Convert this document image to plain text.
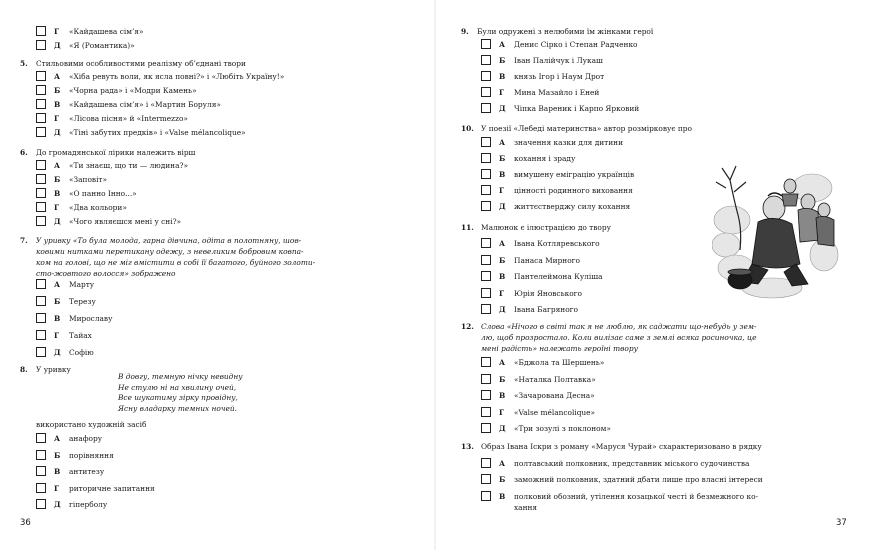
Г «Кайдашева сім’я»
Д «Я (Романтика)»
5. Стильовими особливостями реалізму об’єднані твори
А «Хіба ревуть воли, як ясла повні?» і «Любіть Україну!»
Б «Чорна рада» і «Модри Камень»
В «Кайдашева сім’я» і «Мартин Боруля»
Г «Лісова пісня» й «Intermezzo»
Д «Тіні забутих предків» і «Valse mélancolique»
6. До громадянської лірики належить вірш
А «Ти знаєш, що ти — людина?»
Б «Заповіт»
В «О панно Інно...»
Г «Два кольори»
Д «Чого являєшся мені у сні?»
7. У уривку «То була молода, гарна дівчина, одіта в полотняну, шов-
ковими нитками перетикану одежу, з невеликим бобровим ковпа-
ком на голові, що не міг вмістити в собі її багатого, буйного золоти-
сто-жовтого волосся» зображено
А Марту
Б Терезу
В Мирославу
Г Тайах
Д Софію
8. У уривку
В довгу, темную нічку невидну
Не стулю ні на хвилину очей,
Все шукатиму зірку провідну,
Ясну владарку темних ночей.
використано художній засіб
А анафору
Б порівняння
В антитезу
Г риторичне запитання
Д гіперболу
36
9. Були одружені з нелюбими їм жінками герої
А Денис Сірко і Степан Радченко
Б Іван Палійчук і Лукаш
В князь Ігор і Наум Дрот
Г Мина Мазайло і Еней
Д Чіпка Вареник і Карпо Ярковий
10. У поезії «Лебеді материнства» автор розмірковує про
А значення казки для дитини
Б кохання і зраду
В вимушену еміграцію українців
Г цінності родинного виховання
Д життєстверджу силу кохання
11. Малюнок є ілюстрацією до твору
А Івана Котляревського
Б Панаса Мирного
В Пантелеймона Куліша
Г Юрія Яновського
Д Івана Багряного
12. Слова «Нічого в світі так я не люблю, як саджати що-небудь у зем-
лю, щоб прозростало. Коли вилізає саме з землі всяка росиночка, це
мені радість» належать героїні твору
А «Бджола та Шершень»
Б «Наталка Полтавка»
В «Зачарована Десна»
Г «Valse mélancolique»
Д «Три зозулі з поклоном»
13. Образ Івана Іскри з роману «Маруся Чурай» схарактеризовано в рядку
А полтавський полковник, представник міського судочинства
Б заможний полковник, здатний дбати лише про власні інтереси
В полковий обозний, утілення козацької честі й безмежного ко-
хання
37
